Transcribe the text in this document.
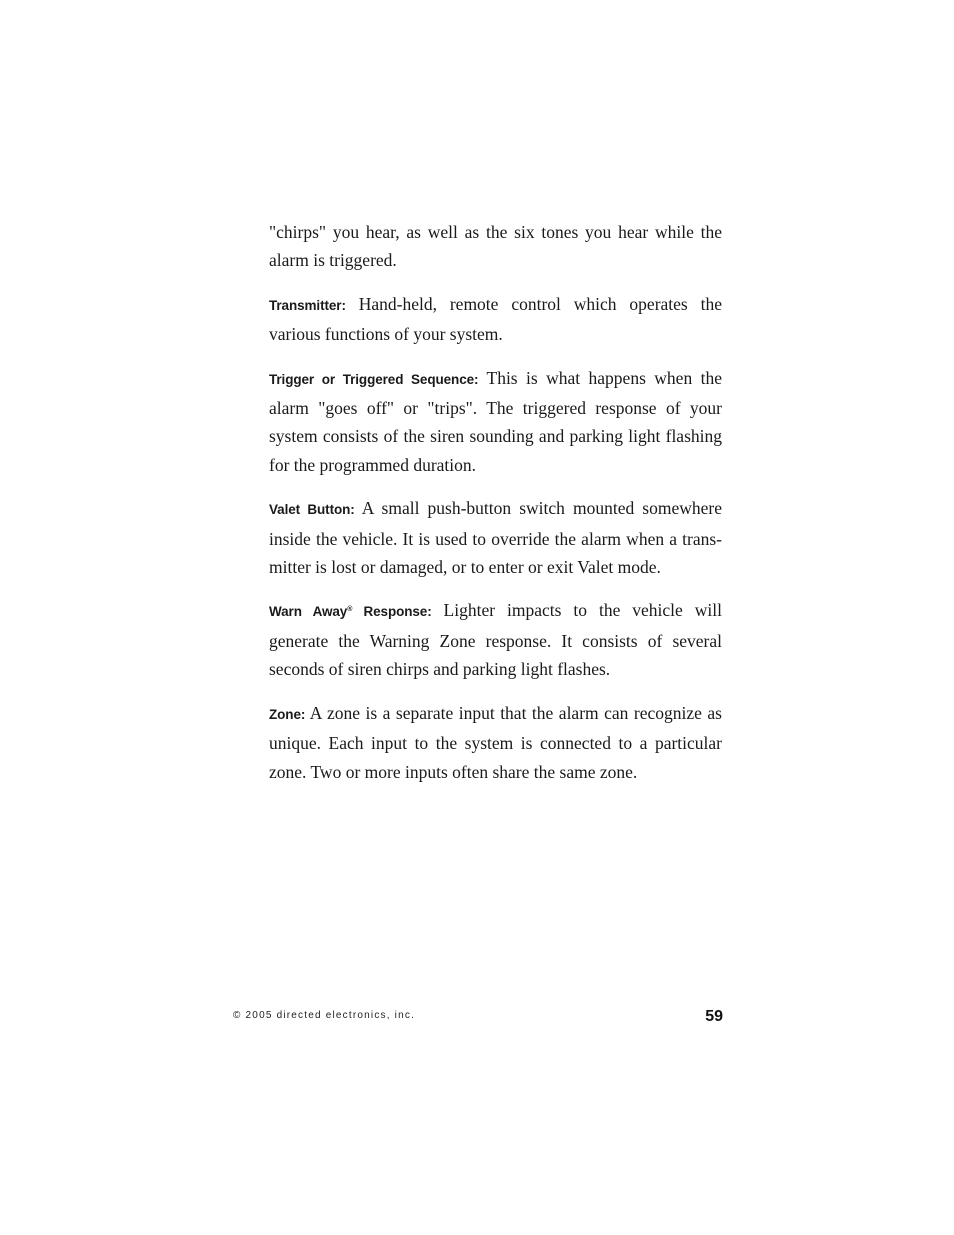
"chirps" you hear, as well as the six tones you hear while the alarm is triggered.

Transmitter: Hand-held, remote control which operates the various functions of your system.

Trigger or Triggered Sequence: This is what happens when the alarm "goes off" or "trips". The triggered response of your system consists of the siren sounding and parking light flashing for the programmed duration.

Valet Button: A small push-button switch mounted somewhere inside the vehicle. It is used to override the alarm when a transmitter is lost or damaged, or to enter or exit Valet mode.

Warn Away® Response: Lighter impacts to the vehicle will generate the Warning Zone response. It consists of several seconds of siren chirps and parking light flashes.

Zone: A zone is a separate input that the alarm can recognize as unique. Each input to the system is connected to a particular zone. Two or more inputs often share the same zone.

© 2005 directed electronics, inc.	59
